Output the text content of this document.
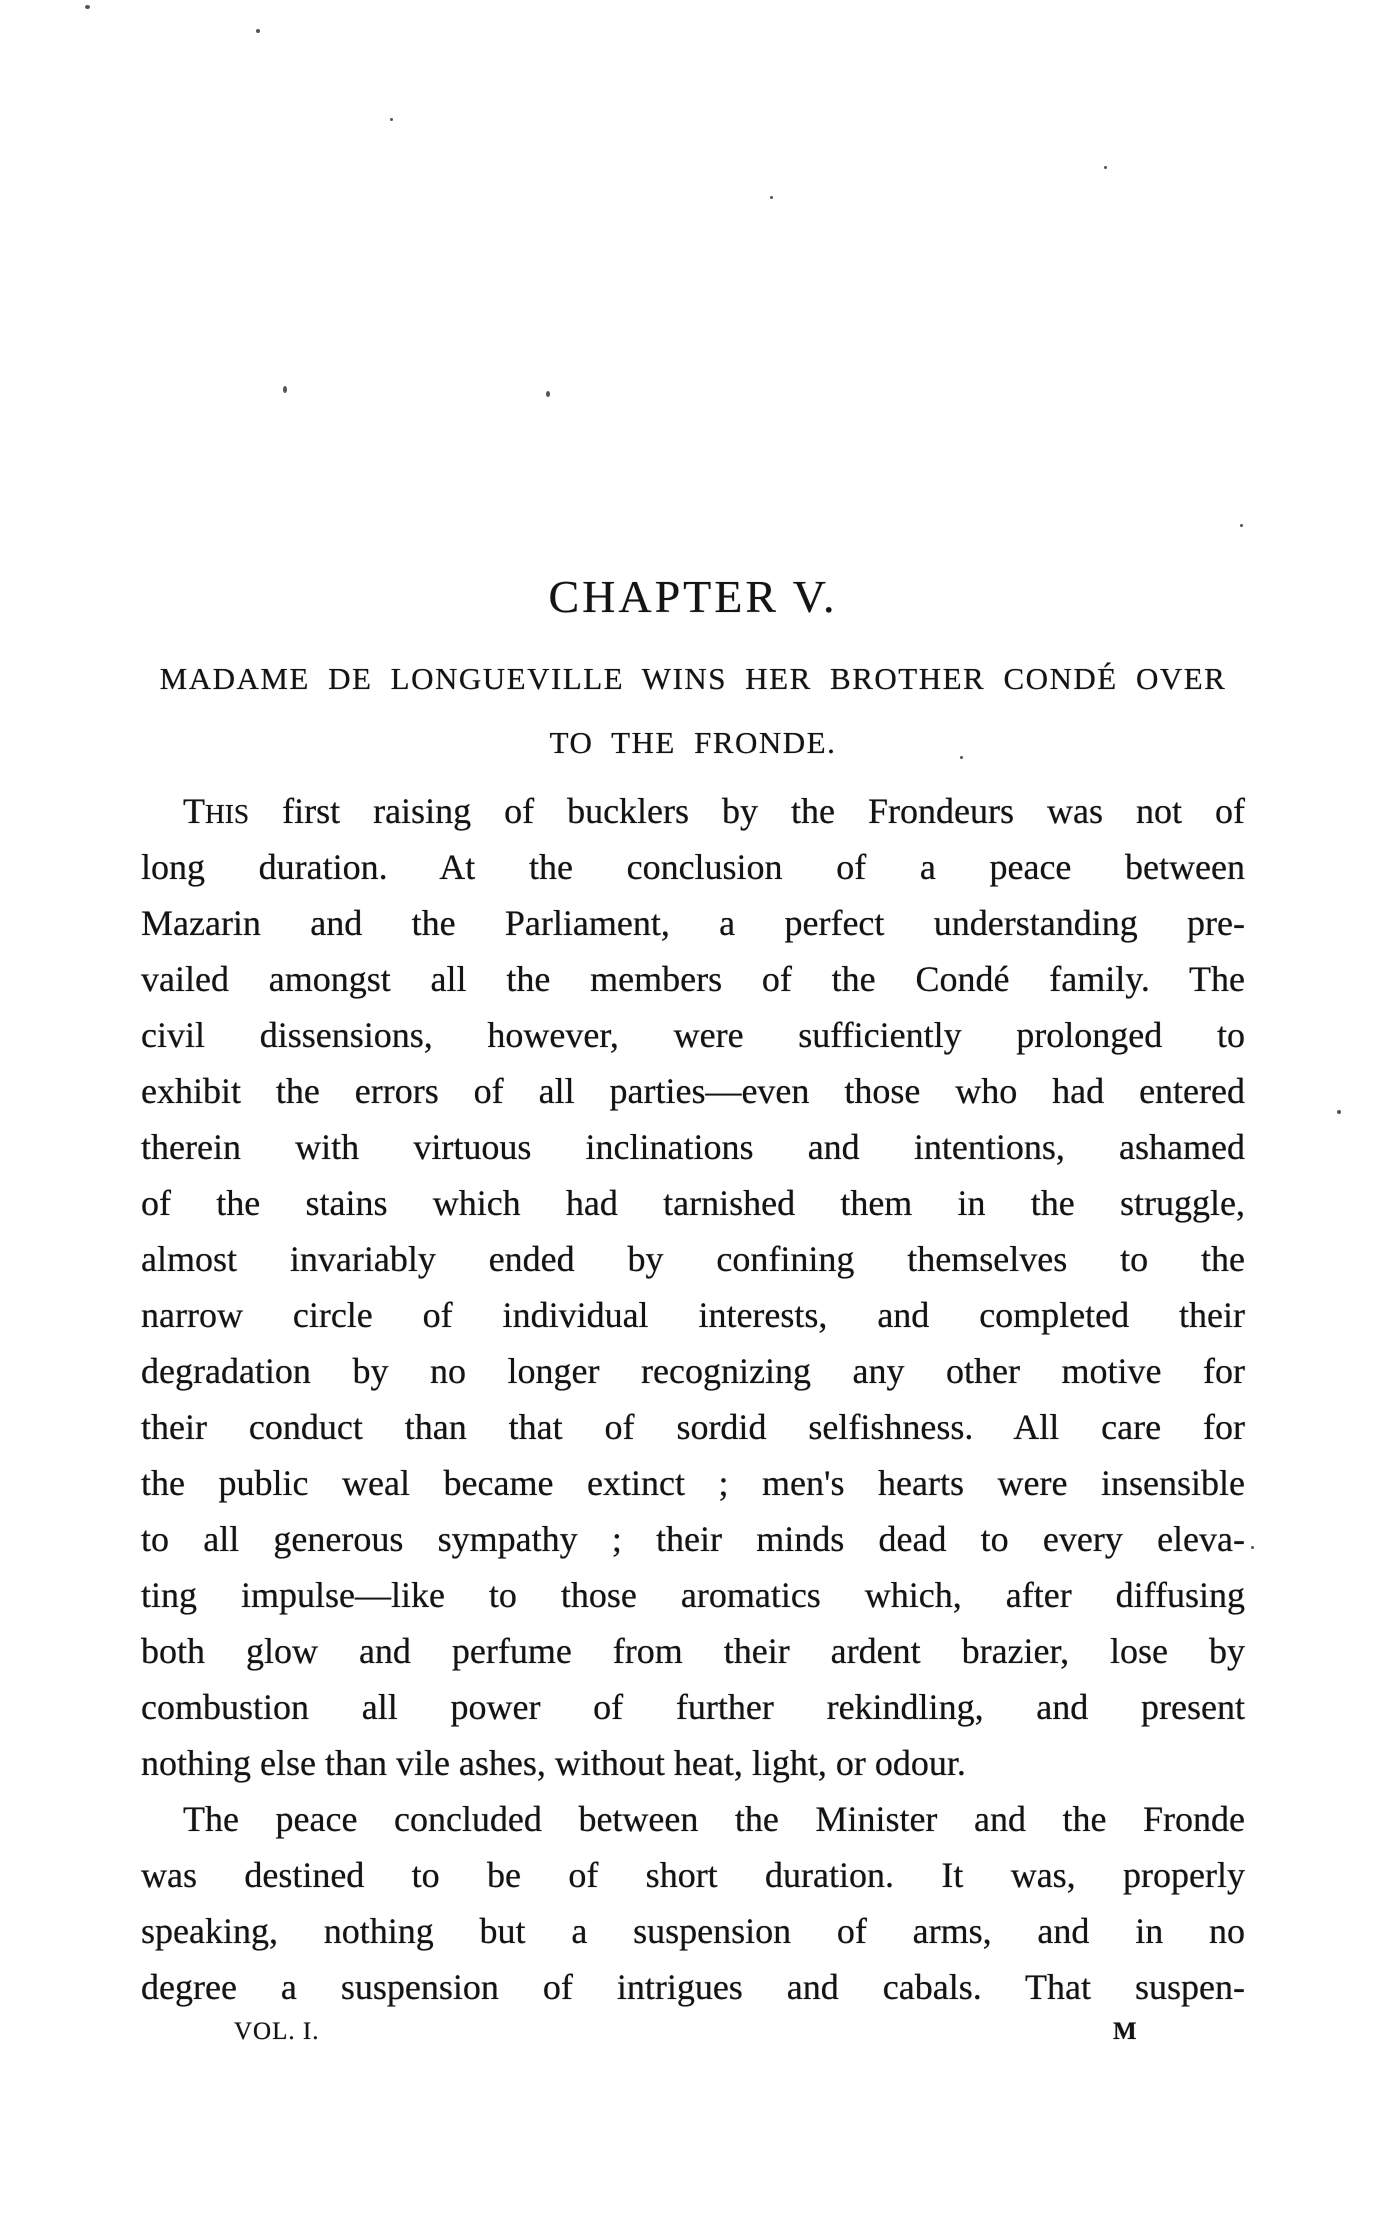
CHAPTER V.
MADAME DE LONGUEVILLE WINS HER BROTHER CONDÉ OVER
TO THE FRONDE.
THIS first raising of bucklers by the Frondeurs was not of
long duration. At the conclusion of a peace between
Mazarin and the Parliament, a perfect understanding pre-
vailed amongst all the members of the Condé family. The
civil dissensions, however, were sufficiently prolonged to
exhibit the errors of all parties—even those who had entered
therein with virtuous inclinations and intentions, ashamed
of the stains which had tarnished them in the struggle,
almost invariably ended by confining themselves to the
narrow circle of individual interests, and completed their
degradation by no longer recognizing any other motive for
their conduct than that of sordid selfishness. All care for
the public weal became extinct ; men's hearts were insensible
to all generous sympathy ; their minds dead to every eleva-
ting impulse—like to those aromatics which, after diffusing
both glow and perfume from their ardent brazier, lose by
combustion all power of further rekindling, and present
nothing else than vile ashes, without heat, light, or odour.
The peace concluded between the Minister and the Fronde
was destined to be of short duration. It was, properly
speaking, nothing but a suspension of arms, and in no
degree a suspension of intrigues and cabals. That suspen-
VOL. I.	M
